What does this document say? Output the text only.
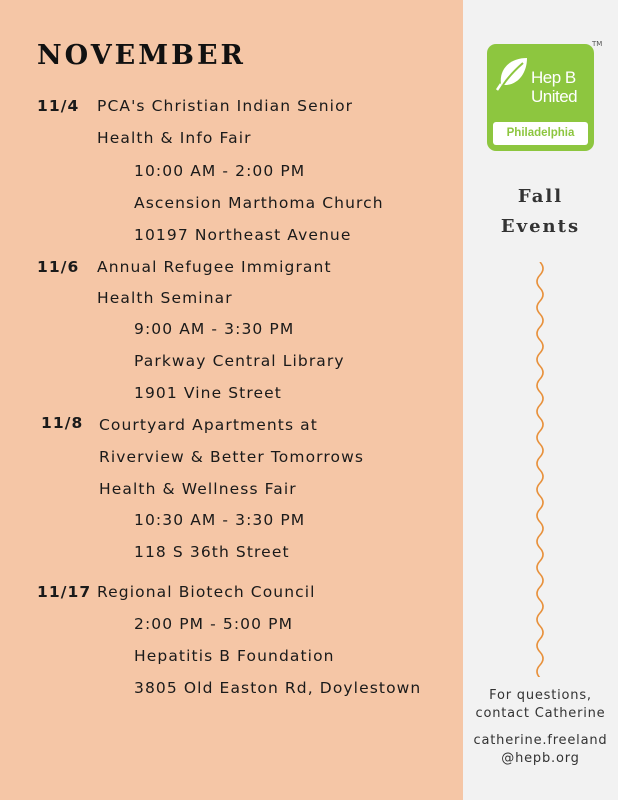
NOVEMBER
11/4 PCA's Christian Indian Senior
Health & Info Fair
10:00 AM - 2:00 PM
Ascension Marthoma Church
10197 Northeast Avenue
11/6 Annual Refugee Immigrant
Health Seminar
9:00 AM - 3:30 PM
Parkway Central Library
1901 Vine Street
11/8 Courtyard Apartments at
Riverview & Better Tomorrows
Health & Wellness Fair
10:30 AM - 3:30 PM
118 S 36th Street
11/17 Regional Biotech Council
2:00 PM - 5:00 PM
Hepatitis B Foundation
3805 Old Easton Rd, Doylestown
Hep B
United
Philadelphia
TM
Fall
Events
For questions,
contact Catherine
catherine.freeland
@hepb.org
